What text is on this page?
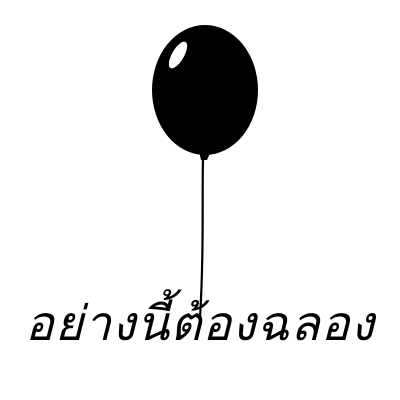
อย่างนี้ต้องฉลอง
